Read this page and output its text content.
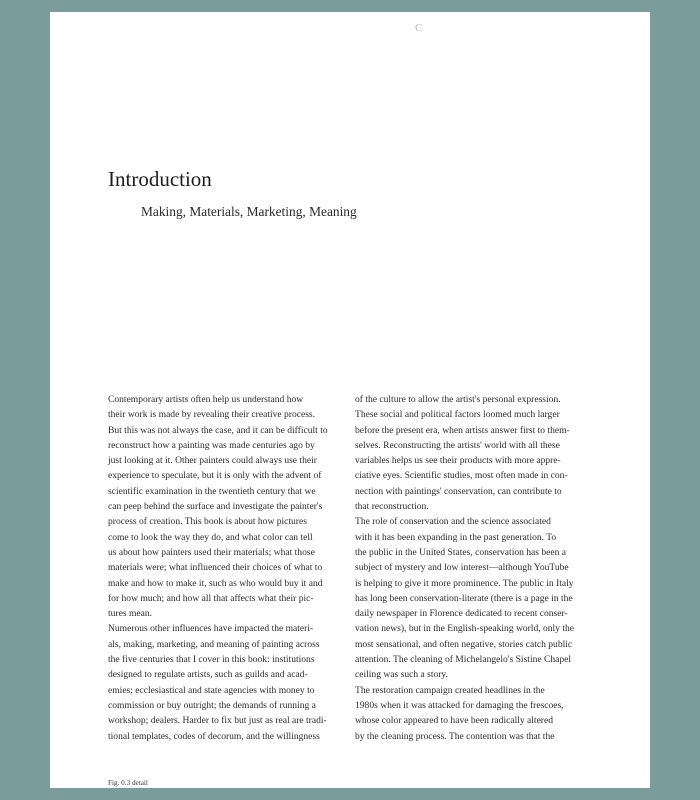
C
Introduction
Making, Materials, Marketing, Meaning

Contemporary artists often help us understand how
their work is made by revealing their creative process.
But this was not always the case, and it can be difficult to
reconstruct how a painting was made centuries ago by
just looking at it. Other painters could always use their
experience to speculate, but it is only with the advent of
scientific examination in the twentieth century that we
can peep behind the surface and investigate the painter's
process of creation. This book is about how pictures
come to look the way they do, and what color can tell
us about how painters used their materials; what those
materials were; what influenced their choices of what to
make and how to make it, such as who would buy it and
for how much; and how all that affects what their pic-
tures mean.

Numerous other influences have impacted the materi-
als, making, marketing, and meaning of painting across
the five centuries that I cover in this book: institutions
designed to regulate artists, such as guilds and acad-
emies; ecclesiastical and state agencies with money to
commission or buy outright; the demands of running a
workshop; dealers. Harder to fix but just as real are tradi-
tional templates, codes of decorum, and the willingness

of the culture to allow the artist's personal expression.
These social and political factors loomed much larger
before the present era, when artists answer first to them-
selves. Reconstructing the artists' world with all these
variables helps us see their products with more appre-
ciative eyes. Scientific studies, most often made in con-
nection with paintings' conservation, can contribute to
that reconstruction.

The role of conservation and the science associated
with it has been expanding in the past generation. To
the public in the United States, conservation has been a
subject of mystery and low interest—although YouTube
is helping to give it more prominence. The public in Italy
has long been conservation-literate (there is a page in the
daily newspaper in Florence dedicated to recent conser-
vation news), but in the English-speaking world, only the
most sensational, and often negative, stories catch public
attention. The cleaning of Michelangelo's Sistine Chapel
ceiling was such a story.

The restoration campaign created headlines in the
1980s when it was attacked for damaging the frescoes,
whose color appeared to have been radically altered
by the cleaning process. The contention was that the

Fig. 0.3 detail
